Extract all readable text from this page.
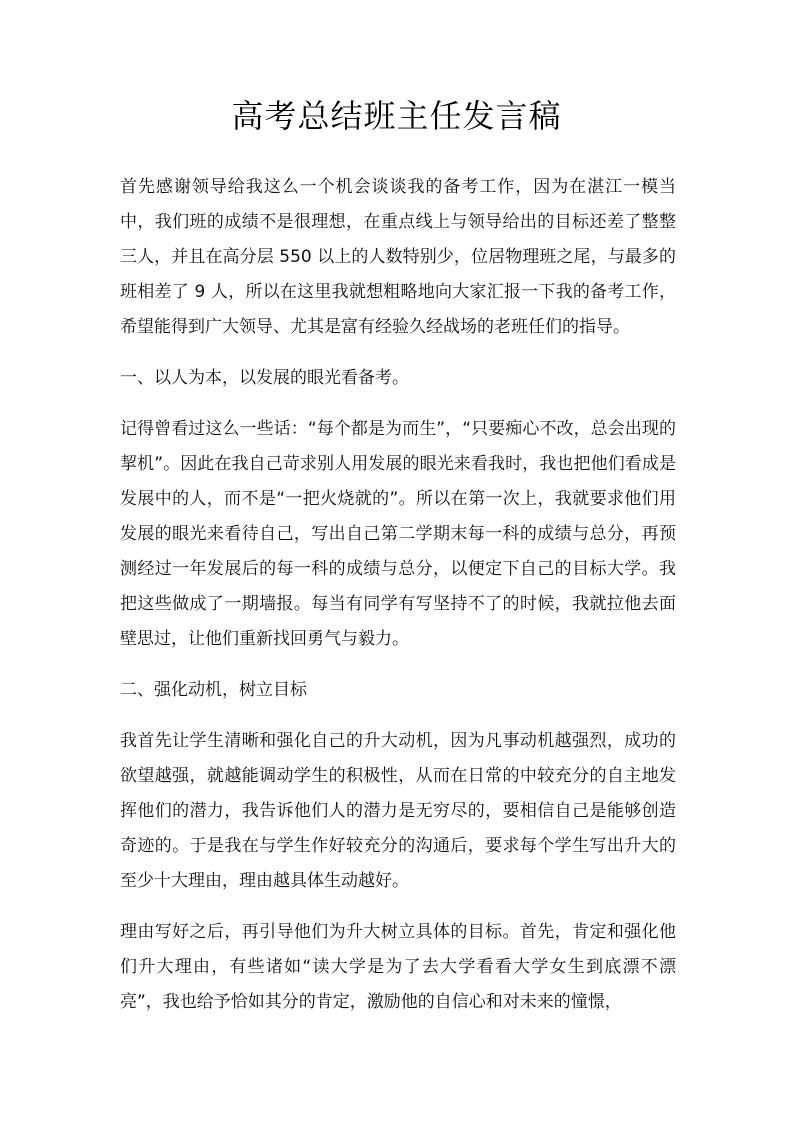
高考总结班主任发言稿

首先感谢领导给我这么一个机会谈谈我的备考工作，因为在湛江一模当中，我们班的成绩不是很理想，在重点线上与领导给出的目标还差了整整三人，并且在高分层 550 以上的人数特别少，位居物理班之尾，与最多的班相差了 9 人，所以在这里我就想粗略地向大家汇报一下我的备考工作，希望能得到广大领导、尤其是富有经验久经战场的老班任们的指导。

一、以人为本，以发展的眼光看备考。

记得曾看过这么一些话：“每个都是为而生”，“只要痴心不改，总会出现的挈机”。因此在我自己苛求别人用发展的眼光来看我时，我也把他们看成是发展中的人，而不是“一把火烧就的”。所以在第一次上，我就要求他们用发展的眼光来看待自己，写出自己第二学期末每一科的成绩与总分，再预测经过一年发展后的每一科的成绩与总分，以便定下自己的目标大学。我把这些做成了一期墙报。每当有同学有写坚持不了的时候，我就拉他去面壁思过，让他们重新找回勇气与毅力。

二、强化动机，树立目标

我首先让学生清晰和强化自己的升大动机，因为凡事动机越强烈，成功的欲望越强，就越能调动学生的积极性，从而在日常的中较充分的自主地发挥他们的潜力，我告诉他们人的潜力是无穷尽的，要相信自己是能够创造奇迹的。于是我在与学生作好较充分的沟通后，要求每个学生写出升大的至少十大理由，理由越具体生动越好。

理由写好之后，再引导他们为升大树立具体的目标。首先，肯定和强化他们升大理由，有些诸如“读大学是为了去大学看看大学女生到底漂不漂亮”，我也给予恰如其分的肯定，激励他的自信心和对未来的憧憬，
